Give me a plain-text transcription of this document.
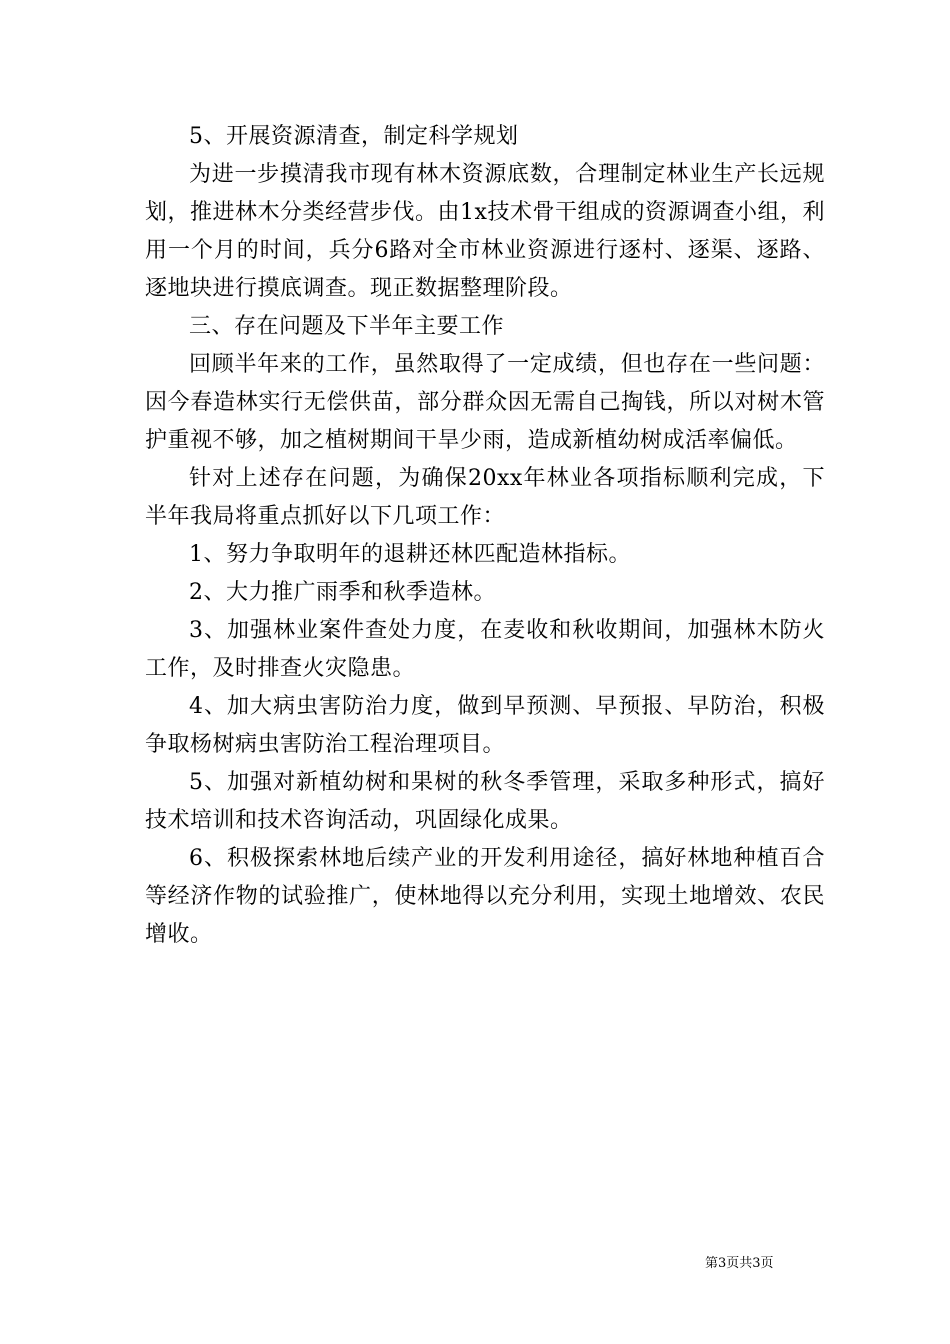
5、开展资源清查，制定科学规划

为进一步摸清我市现有林木资源底数，合理制定林业生产长远规划，推进林木分类经营步伐。由1x技术骨干组成的资源调查小组，利用一个月的时间，兵分6路对全市林业资源进行逐村、逐渠、逐路、逐地块进行摸底调查。现正数据整理阶段。

三、存在问题及下半年主要工作

回顾半年来的工作，虽然取得了一定成绩，但也存在一些问题：因今春造林实行无偿供苗，部分群众因无需自己掏钱，所以对树木管护重视不够，加之植树期间干旱少雨，造成新植幼树成活率偏低。

针对上述存在问题，为确保20xx年林业各项指标顺利完成，下半年我局将重点抓好以下几项工作：

1、努力争取明年的退耕还林匹配造林指标。

2、大力推广雨季和秋季造林。

3、加强林业案件查处力度，在麦收和秋收期间，加强林木防火工作，及时排查火灾隐患。

4、加大病虫害防治力度，做到早预测、早预报、早防治，积极争取杨树病虫害防治工程治理项目。

5、加强对新植幼树和果树的秋冬季管理，采取多种形式，搞好技术培训和技术咨询活动，巩固绿化成果。

6、积极探索林地后续产业的开发利用途径，搞好林地种植百合等经济作物的试验推广，使林地得以充分利用，实现土地增效、农民增收。

第3页共3页
